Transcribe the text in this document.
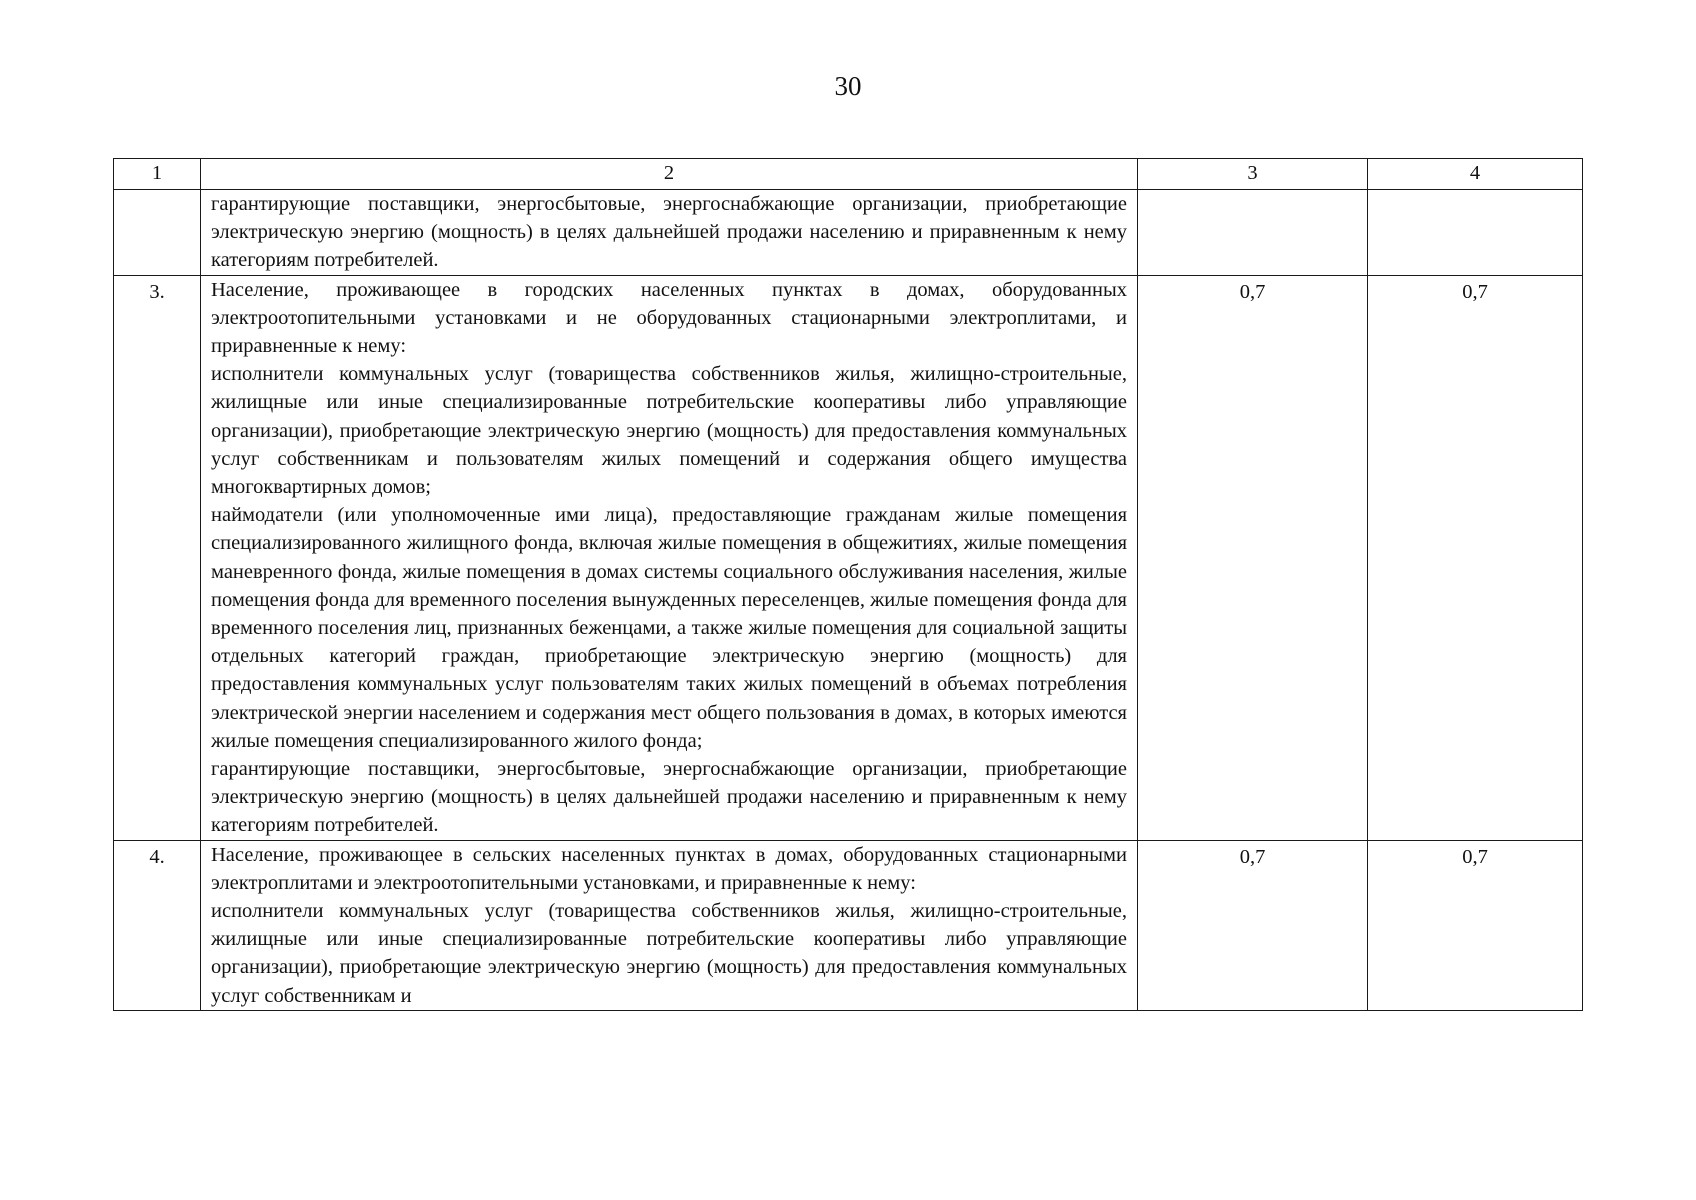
30
1	2	3	4

	гарантирующие поставщики, энергосбытовые, энергоснабжающие организации, приобретающие электрическую энергию (мощность) в целях дальнейшей продажи населению и приравненным к нему категориям потребителей.		

3.	Население, проживающее в городских населенных пунктах в домах, оборудованных электроотопительными установками и не оборудованных стационарными электроплитами, и приравненные к нему:

исполнители коммунальных услуг (товарищества собственников жилья, жилищно-строительные, жилищные или иные специализированные потребительские кооперативы либо управляющие организации), приобретающие электрическую энергию (мощность) для предоставления коммунальных услуг собственникам и пользователям жилых помещений и содержания общего имущества многоквартирных домов;

наймодатели (или уполномоченные ими лица), предоставляющие гражданам жилые помещения специализированного жилищного фонда, включая жилые помещения в общежитиях, жилые помещения маневренного фонда, жилые помещения в домах системы социального обслуживания населения, жилые помещения фонда для временного поселения вынужденных переселенцев, жилые помещения фонда для временного поселения лиц, признанных беженцами, а также жилые помещения для социальной защиты отдельных категорий граждан, приобретающие электрическую энергию (мощность) для предоставления коммунальных услуг пользователям таких жилых помещений в объемах потребления электрической энергии населением и содержания мест общего пользования в домах, в которых имеются жилые помещения специализированного жилого фонда;

гарантирующие поставщики, энергосбытовые, энергоснабжающие организации, приобретающие электрическую энергию (мощность) в целях дальнейшей продажи населению и приравненным к нему категориям потребителей.	0,7	0,7
4.	Население, проживающее в сельских населенных пунктах в домах, оборудованных стационарными электроплитами и электроотопительными установками, и приравненные к нему:

исполнители коммунальных услуг (товарищества собственников жилья, жилищно-строительные, жилищные или иные специализированные потребительские кооперативы либо управляющие организации), приобретающие электрическую энергию (мощность) для предоставления коммунальных услуг собственникам и	0,7	0,7
